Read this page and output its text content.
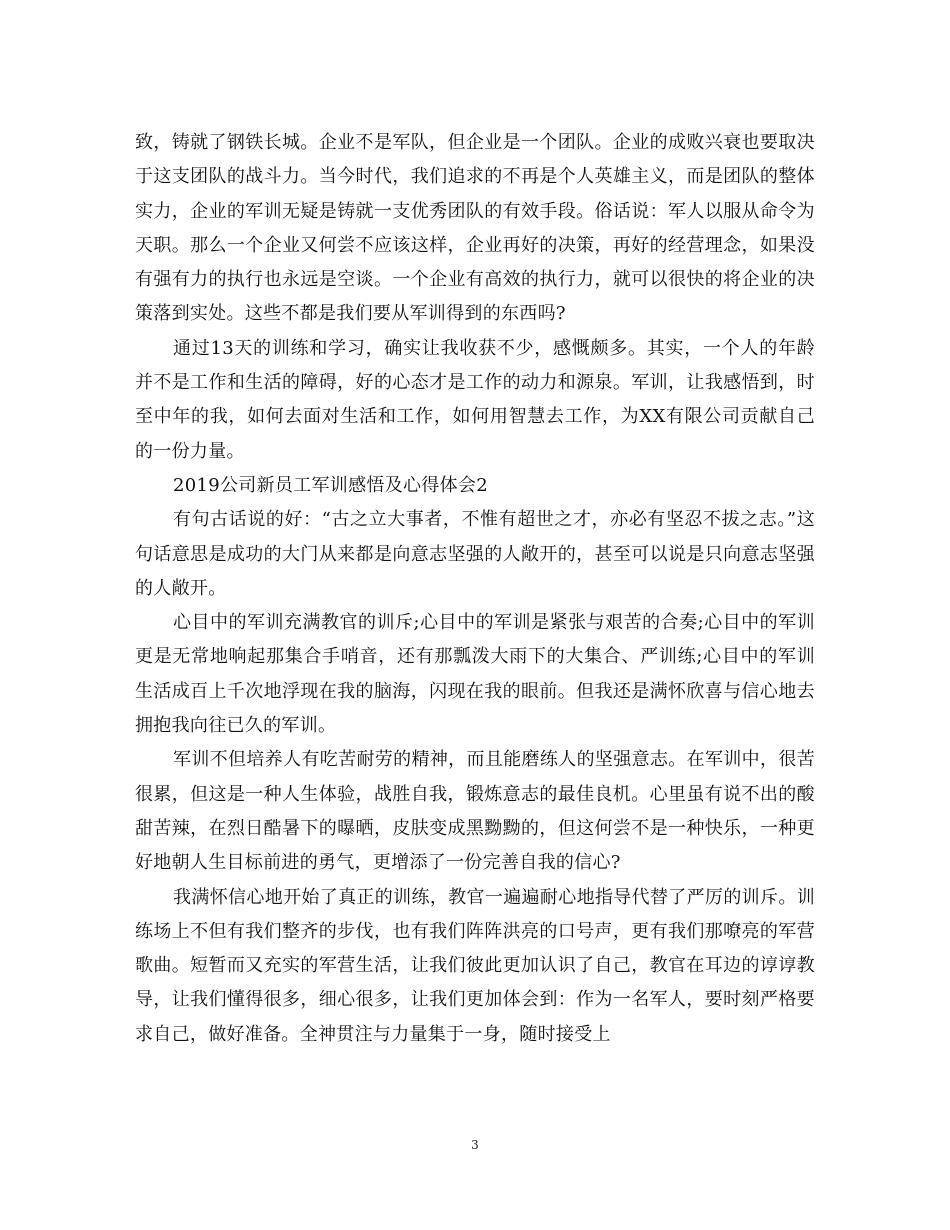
致，铸就了钢铁长城。企业不是军队，但企业是一个团队。企业的成败兴衰也要取决于这支团队的战斗力。当今时代，我们追求的不再是个人英雄主义，而是团队的整体实力，企业的军训无疑是铸就一支优秀团队的有效手段。俗话说：军人以服从命令为天职。那么一个企业又何尝不应该这样，企业再好的决策，再好的经营理念，如果没有强有力的执行也永远是空谈。一个企业有高效的执行力，就可以很快的将企业的决策落到实处。这些不都是我们要从军训得到的东西吗?

通过13天的训练和学习，确实让我收获不少，感慨颇多。其实，一个人的年龄并不是工作和生活的障碍，好的心态才是工作的动力和源泉。军训，让我感悟到，时至中年的我，如何去面对生活和工作，如何用智慧去工作，为XX有限公司贡献自己的一份力量。

2019公司新员工军训感悟及心得体会2

有句古话说的好：“古之立大事者，不惟有超世之才，亦必有坚忍不拔之志。”这句话意思是成功的大门从来都是向意志坚强的人敞开的，甚至可以说是只向意志坚强的人敞开。

心目中的军训充满教官的训斥;心目中的军训是紧张与艰苦的合奏;心目中的军训更是无常地响起那集合手哨音，还有那瓢泼大雨下的大集合、严训练;心目中的军训生活成百上千次地浮现在我的脑海，闪现在我的眼前。但我还是满怀欣喜与信心地去拥抱我向往已久的军训。

军训不但培养人有吃苦耐劳的精神，而且能磨练人的坚强意志。在军训中，很苦很累，但这是一种人生体验，战胜自我，锻炼意志的最佳良机。心里虽有说不出的酸甜苦辣，在烈日酷暑下的曝晒，皮肤变成黑黝黝的，但这何尝不是一种快乐，一种更好地朝人生目标前进的勇气，更增添了一份完善自我的信心?

我满怀信心地开始了真正的训练，教官一遍遍耐心地指导代替了严厉的训斥。训练场上不但有我们整齐的步伐，也有我们阵阵洪亮的口号声，更有我们那嘹亮的军营歌曲。短暂而又充实的军营生活，让我们彼此更加认识了自己，教官在耳边的谆谆教导，让我们懂得很多，细心很多，让我们更加体会到：作为一名军人，要时刻严格要求自己，做好准备。全神贯注与力量集于一身，随时接受上

3
